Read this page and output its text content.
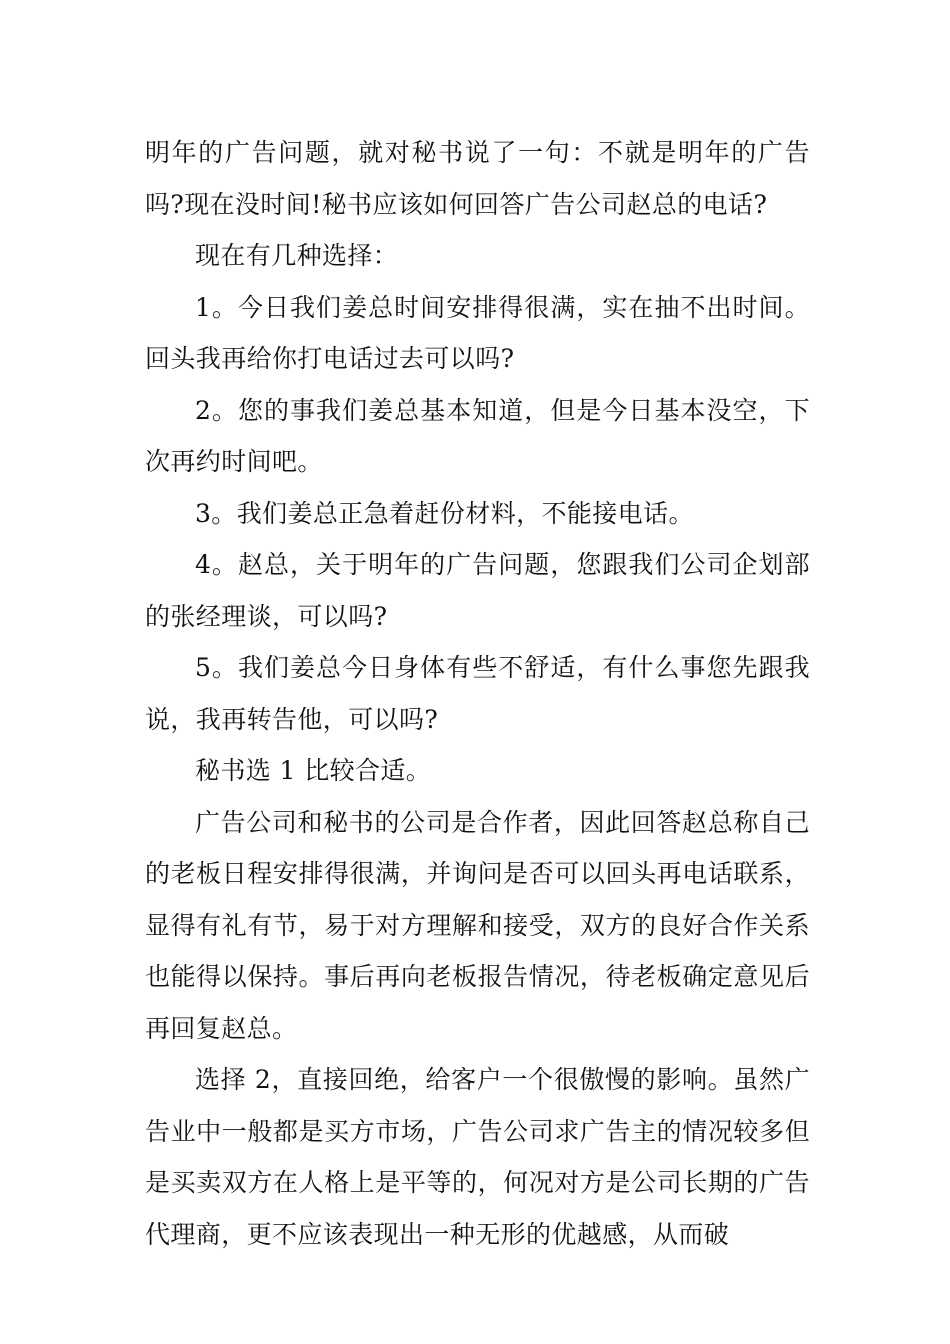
明年的广告问题，就对秘书说了一句：不就是明年的广告吗?现在没时间!秘书应该如何回答广告公司赵总的电话?

现在有几种选择：

1。今日我们姜总时间安排得很满，实在抽不出时间。回头我再给你打电话过去可以吗?

2。您的事我们姜总基本知道，但是今日基本没空，下次再约时间吧。

3。我们姜总正急着赶份材料，不能接电话。

4。赵总，关于明年的广告问题，您跟我们公司企划部的张经理谈，可以吗?

5。我们姜总今日身体有些不舒适，有什么事您先跟我说，我再转告他，可以吗?

秘书选 1 比较合适。

广告公司和秘书的公司是合作者，因此回答赵总称自己的老板日程安排得很满，并询问是否可以回头再电话联系，显得有礼有节，易于对方理解和接受，双方的良好合作关系也能得以保持。事后再向老板报告情况，待老板确定意见后再回复赵总。

选择 2，直接回绝，给客户一个很傲慢的影响。虽然广告业中一般都是买方市场，广告公司求广告主的情况较多但是买卖双方在人格上是平等的，何况对方是公司长期的广告代理商，更不应该表现出一种无形的优越感，从而破
